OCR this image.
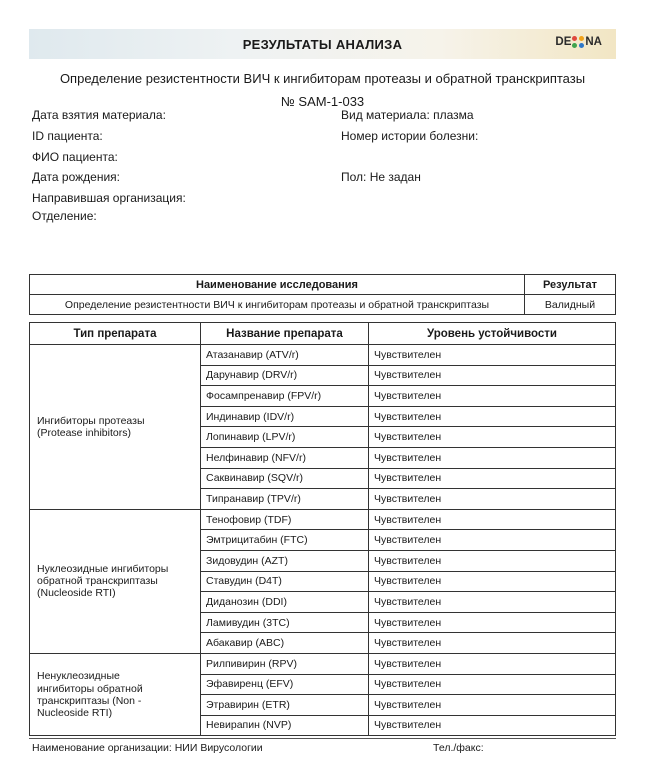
РЕЗУЛЬТАТЫ АНАЛИЗА	DE NA
Определение резистентности ВИЧ к ингибиторам протеазы и обратной транскриптазы
№ SAM-1-033
Дата взятия материала:	Вид материала: плазма
ID пациента:	Номер истории болезни:
ФИО пациента:
Дата рождения:	Пол: Не задан
Направившая организация:
Отделение:
Наименование исследования	Результат
Определение резистентности ВИЧ к ингибиторам протеазы и обратной транскриптазы	Валидный
Тип препарата	Название препарата	Уровень устойчивости
Ингибиторы протеазы
(Protease inhibitors)	Атазанавир (ATV/r)	Чувствителен
	Дарунавир (DRV/r)	Чувствителен
	Фосампренавир (FPV/r)	Чувствителен
	Индинавир (IDV/r)	Чувствителен
	Лопинавир (LPV/r)	Чувствителен
	Нелфинавир (NFV/r)	Чувствителен
	Саквинавир (SQV/r)	Чувствителен
	Типранавир (TPV/r)	Чувствителен
Нуклеозидные ингибиторы
обратной транскриптазы
(Nucleoside RTI)	Тенофовир (TDF)	Чувствителен
	Эмтрицитабин (FTC)	Чувствителен
	Зидовудин (AZT)	Чувствителен
	Ставудин (D4T)	Чувствителен
	Диданозин (DDI)	Чувствителен
	Ламивудин (3TC)	Чувствителен
	Абакавир (ABC)	Чувствителен
Ненуклеозидные
ингибиторы обратной
транскриптазы (Non -
Nucleoside RTI)	Рилпивирин (RPV)	Чувствителен
	Эфавиренц (EFV)	Чувствителен
	Этравирин (ETR)	Чувствителен
	Невирапин (NVP)	Чувствителен
Наименование организации: НИИ Вирусологии	Тел./факс:
